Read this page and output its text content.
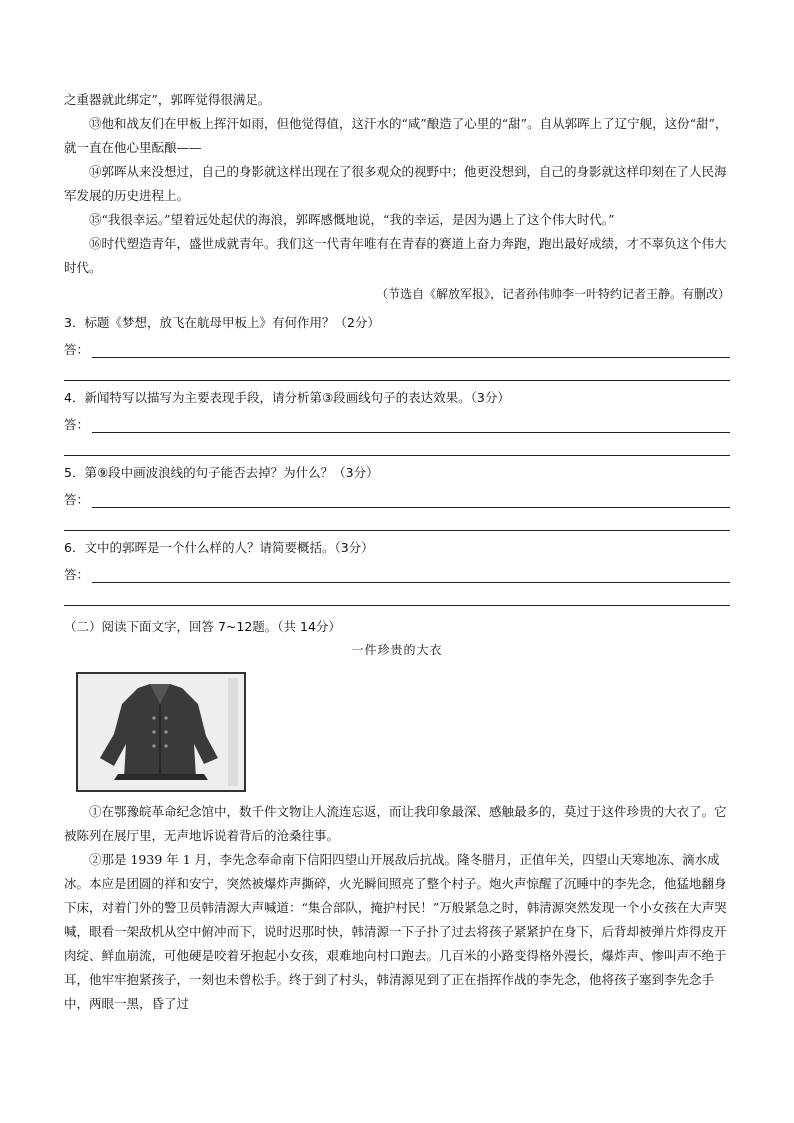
之重器就此绑定”，郭晖觉得很满足。

⑬他和战友们在甲板上挥汗如雨，但他觉得值，这汗水的“咸”酿造了心里的“甜”。自从郭晖上了辽宁舰，这份“甜”，就一直在他心里酝酿——

⑭郭晖从来没想过，自己的身影就这样出现在了很多观众的视野中；他更没想到，自己的身影就这样印刻在了人民海军发展的历史进程上。

⑮“我很幸运。”望着远处起伏的海浪，郭晖感慨地说，“我的幸运，是因为遇上了这个伟大时代。”

⑯时代塑造青年，盛世成就青年。我们这一代青年唯有在青春的赛道上奋力奔跑，跑出最好成绩，才不辜负这个伟大时代。

（节选自《解放军报》，记者孙伟帅李一叶特约记者王静。有删改）
3．标题《梦想，放飞在航母甲板上》有何作用？（2分）
答：
4．新闻特写以描写为主要表现手段，请分析第③段画线句子的表达效果。（3分）
答：
5．第⑨段中画波浪线的句子能否去掉？为什么？（3分）
答：
6．文中的郭晖是一个什么样的人？请简要概括。（3分）
答：
（二）阅读下面文字，回答 7~12题。（共 14分）
一件珍贵的大衣

①在鄂豫皖革命纪念馆中，数千件文物让人流连忘返，而让我印象最深、感触最多的，莫过于这件珍贵的大衣了。它被陈列在展厅里，无声地诉说着背后的沧桑往事。

②那是 1939 年 1 月，李先念奉命南下信阳四望山开展敌后抗战。隆冬腊月，正值年关，四望山天寒地冻、滴水成冰。本应是团圆的祥和安宁，突然被爆炸声撕碎，火光瞬间照亮了整个村子。炮火声惊醒了沉睡中的李先念，他猛地翻身下床，对着门外的警卫员韩清源大声喊道：“集合部队，掩护村民！”万般紧急之时，韩清源突然发现一个小女孩在大声哭喊，眼看一架敌机从空中俯冲而下，说时迟那时快，韩清源一下子扑了过去将孩子紧紧护在身下，后背却被弹片炸得皮开肉绽、鲜血崩流，可他硬是咬着牙抱起小女孩，艰难地向村口跑去。几百米的小路变得格外漫长，爆炸声、惨叫声不绝于耳，他牢牢抱紧孩子，一刻也未曾松手。终于到了村头，韩清源见到了正在指挥作战的李先念，他将孩子塞到李先念手中，两眼一黑，昏了过
